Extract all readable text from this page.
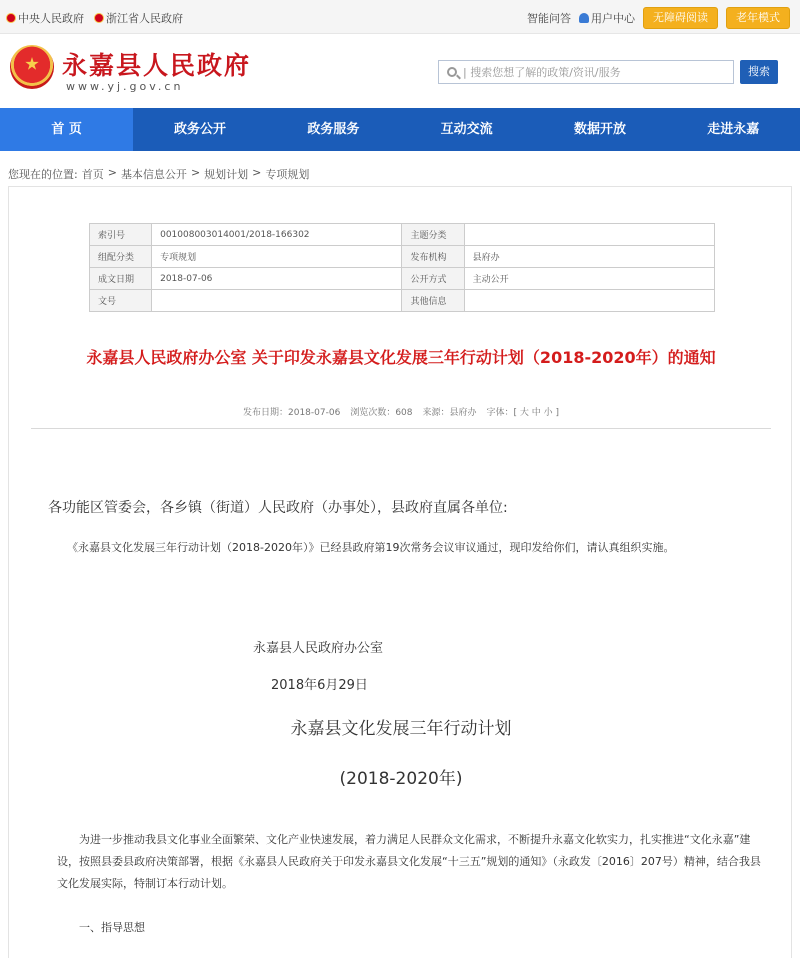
中央人民政府 浙江省人民政府	智能问答	用户中心	无障碍阅读	老年模式
永嘉县人民政府
www.yj.gov.cn
| 搜索您想了解的政策/资讯/服务	搜索
首 页	政务公开	政务服务	互动交流	数据开放	走进永嘉
您现在的位置: 首页 > 基本信息公开 > 规划计划 > 专项规划
索引号	001008003014001/2018-166302	主题分类	
组配分类	专项规划	发布机构	县府办
成文日期	2018-07-06	公开方式	主动公开
文号		其他信息	
永嘉县人民政府办公室 关于印发永嘉县文化发展三年行动计划（2018-2020年）的通知
发布日期：2018-07-06 浏览次数：608 来源：县府办 字体：[ 大 中 小 ]
各功能区管委会，各乡镇（街道）人民政府（办事处），县政府直属各单位:
《永嘉县文化发展三年行动计划（2018-2020年）》已经县政府第19次常务会议审议通过，现印发给你们，请认真组织实施。
永嘉县人民政府办公室
2018年6月29日
永嘉县文化发展三年行动计划
(2018-2020年)
为进一步推动我县文化事业全面繁荣、文化产业快速发展，着力满足人民群众文化需求，不断提升永嘉文化软实力，扎实推进“文化永嘉”建设，按照县委县政府决策部署，根据《永嘉县人民政府关于印发永嘉县文化发展“十三五”规划的通知》（永政发〔2016〕207号）精神，结合我县文化发展实际，特制订本行动计划。
一、指导思想
